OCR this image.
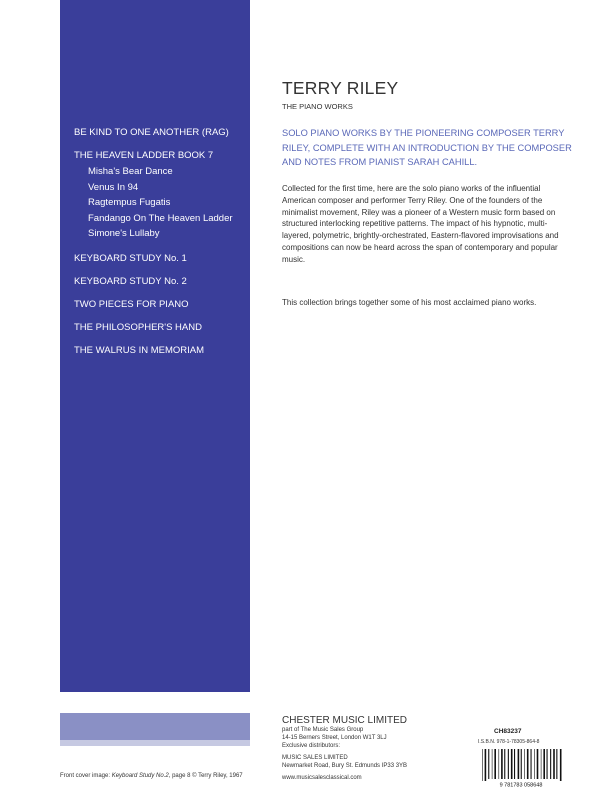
BE KIND TO ONE ANOTHER (RAG)
THE HEAVEN LADDER BOOK 7
Misha's Bear Dance
Venus In 94
Ragtempus Fugatis
Fandango On The Heaven Ladder
Simone's Lullaby
KEYBOARD STUDY No. 1
KEYBOARD STUDY No. 2
TWO PIECES FOR PIANO
THE PHILOSOPHER'S HAND
THE WALRUS IN MEMORIAM
Front cover image: Keyboard Study No.2, page 8 © Terry Riley, 1967
TERRY RILEY
THE PIANO WORKS
SOLO PIANO WORKS BY THE PIONEERING COMPOSER TERRY RILEY, COMPLETE WITH AN INTRODUCTION BY THE COMPOSER AND NOTES FROM PIANIST SARAH CAHILL.
Collected for the first time, here are the solo piano works of the influential American composer and performer Terry Riley. One of the founders of the minimalist movement, Riley was a pioneer of a Western music form based on structured interlocking repetitive patterns. The impact of his hypnotic, multi-layered, polymetric, brightly-orchestrated, Eastern-flavored improvisations and compositions can now be heard across the span of contemporary and popular music.
This collection brings together some of his most acclaimed piano works.
CHESTER MUSIC LIMITED
part of The Music Sales Group
14-15 Berners Street, London W1T 3LJ
Exclusive distributors:
MUSIC SALES LIMITED
Newmarket Road, Bury St. Edmunds IP33 3YB
www.musicsalesclassical.com
CH83237
I.S.B.N. 978-1-78305-864-8
9 781783 058648
